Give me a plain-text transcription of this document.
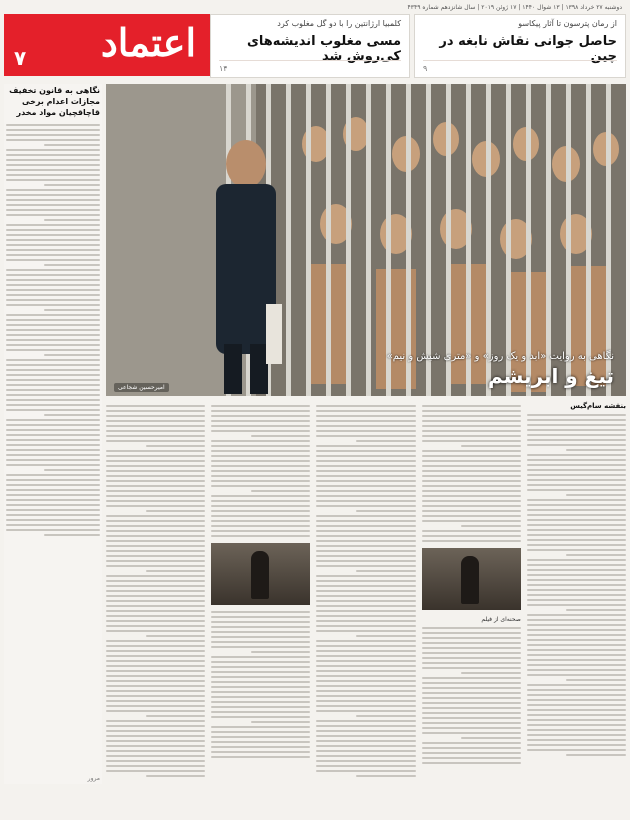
دوشنبه ۲۷ خرداد ۱۳۹۸ | ۱۳ شوال ۱۴۴۰ | ۱۷ ژوئن ۲۰۱۹ | سال شانزدهم شماره ۴۳۴۹
اعتماد
۷
کلمبیا ارژانتین را با دو گل مغلوب کرد
مسی مغلوب اندیشه‌های کی‌روش شد
۱۴
از رمان پترسون تا آثار پیکاسو
حاصل جوانی نقاش نابغه در چین
۹
نگاهی به قانون تخفیف مجازات اعدام برخی قاچاقچیان مواد مخدر
مرور
نگاهی به روایت «ابد و یک روز» و «متری شیش و نیم»
تیغ و ابریشم
امیرحسین شجاعی
بنفشه سام‌گیس
صحنه‌ای از فیلم
